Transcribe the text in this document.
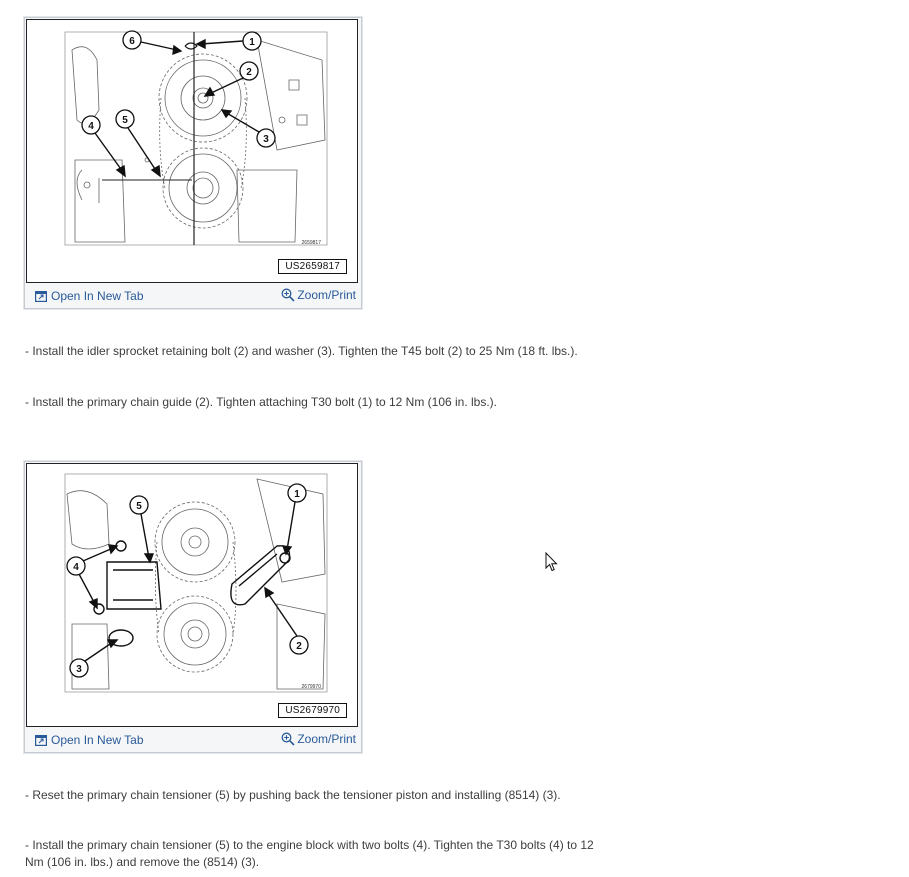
1
2
3
4
5
6
2659817
US2659817
Open In New Tab	Zoom/Print

- Install the idler sprocket retaining bolt (2) and washer (3). Tighten the T45 bolt (2) to 25 Nm (18 ft. lbs.).

- Install the primary chain guide (2). Tighten attaching T30 bolt (1) to 12 Nm (106 in. lbs.).

1
2
3
4
5
2679970
US2679970
Open In New Tab	Zoom/Print

- Reset the primary chain tensioner (5) by pushing back the tensioner piston and installing (8514) (3).

- Install the primary chain tensioner (5) to the engine block with two bolts (4). Tighten the T30 bolts (4) to 12 Nm (106 in. lbs.) and remove the (8514) (3).
